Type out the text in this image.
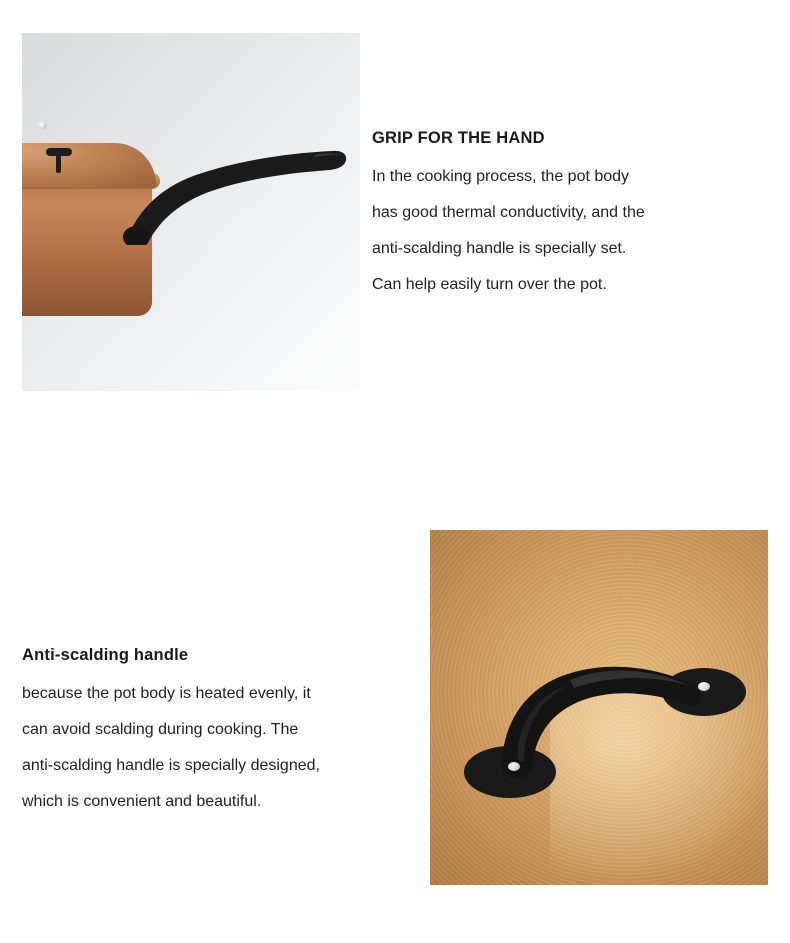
GRIP FOR THE HAND

In the cooking process, the pot body

has good thermal conductivity, and the

anti-scalding handle is specially set.

Can help easily turn over the pot.

Anti-scalding handle

because the pot body is heated evenly, it

can avoid scalding during cooking. The

anti-scalding handle is specially designed,

which is convenient and beautiful.
